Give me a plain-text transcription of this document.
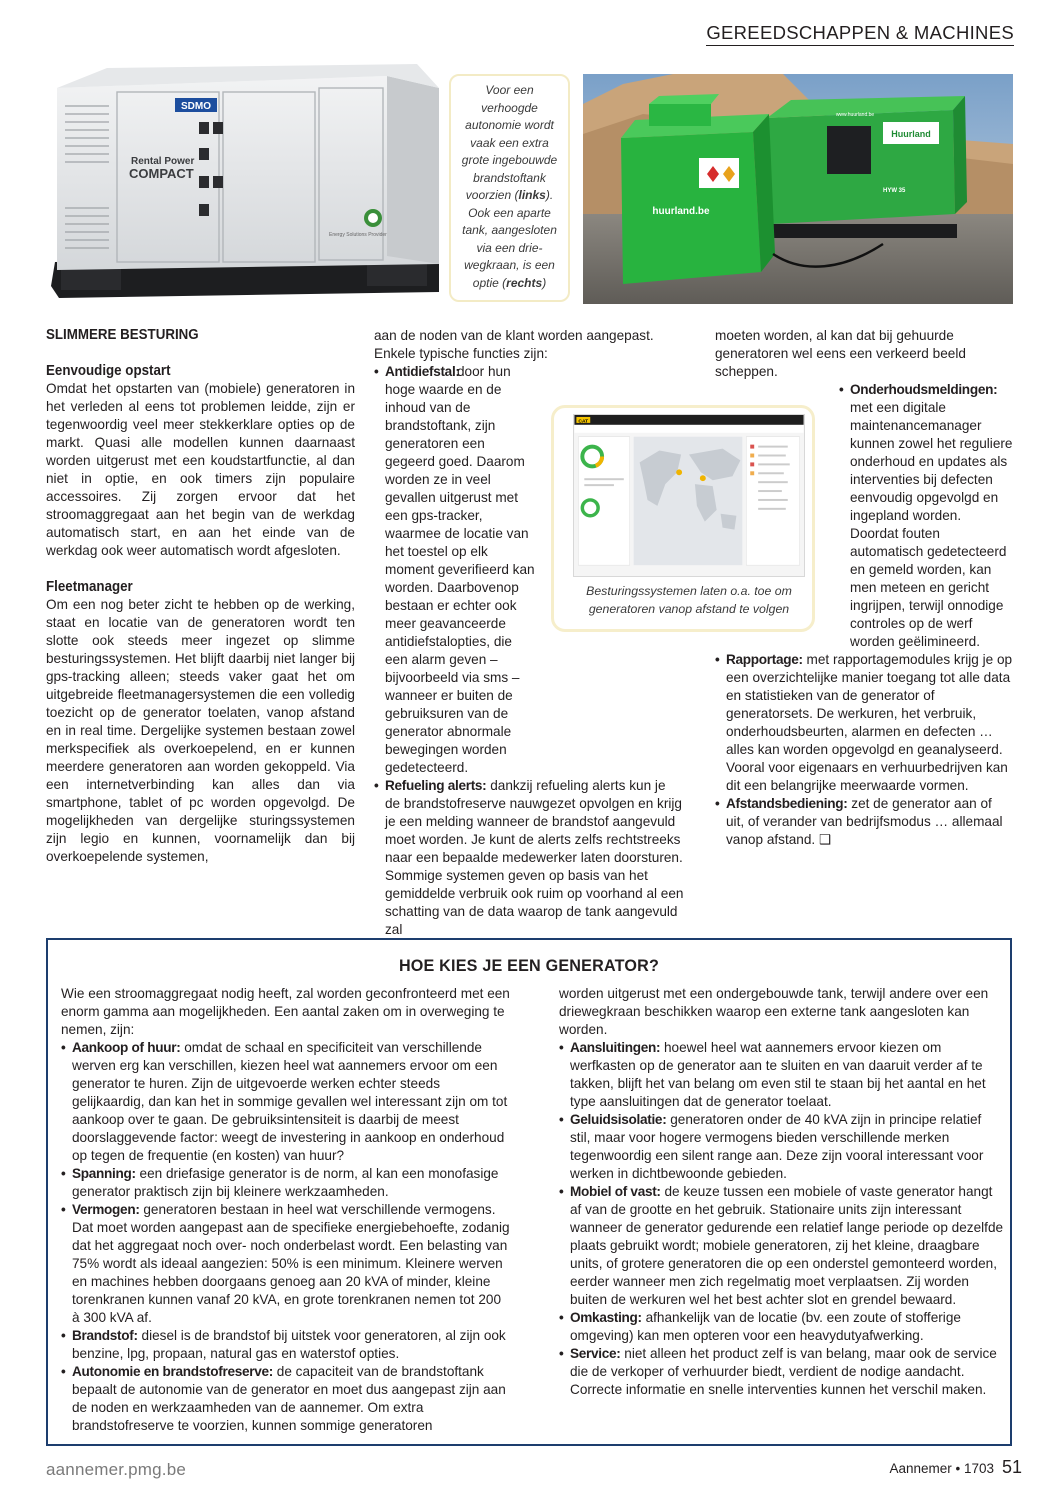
GEREEDSCHAPPEN & MACHINES
SDMO
Rental Power
COMPACT
Energy Solutions Provider
Voor een verhoogde autonomie wordt vaak een extra grote ingebouwde brandstoftank voorzien (links). Ook een aparte tank, aangesloten via een drie-wegkraan, is een optie (rechts)
Huurland
www.huurland.be
HYW 35
huurland.be
SLIMMERE BESTURING
Eenvoudige opstart

Omdat het opstarten van (mobiele) generatoren in het verleden al eens tot problemen leidde, zijn er tegenwoordig veel meer stekkerklare opties op de markt. Quasi alle modellen kunnen daarnaast worden uitgerust met een koudstartfunctie, al dan niet in optie, en ook timers zijn populaire accessoires. Zij zorgen ervoor dat het stroomaggregaat aan het begin van de werkdag automatisch start, en aan het einde van de werkdag ook weer automatisch wordt afgesloten.

Fleetmanager

Om een nog beter zicht te hebben op de werking, staat en locatie van de generatoren wordt ten slotte ook steeds meer ingezet op slimme besturingssystemen. Het blijft daarbij niet langer bij gps-tracking alleen; steeds vaker gaat het om uitgebreide fleetmanagersystemen die een volledig toezicht op de generator toelaten, vanop afstand en in real time. Dergelijke systemen bestaan zowel merkspecifiek als overkoepelend, en er kunnen meerdere generatoren aan worden gekoppeld. Via een internetverbinding kan alles dan via smartphone, tablet of pc worden opgevolgd. De mogelijkheden van dergelijke sturingssystemen zijn legio en kunnen, voornamelijk dan bij overkoepelende systemen,

aan de noden van de klant worden aangepast.

Enkele typische functies zijn:

• Antidiefstal:
door hun hoge waarde en de inhoud van de brandstoftank, zijn generatoren een gegeerd goed. Daarom worden ze in veel gevallen uitgerust met een gps-tracker, waarmee de locatie van het toestel op elk moment geverifieerd kan worden. Daarbovenop bestaan er echter ook meer geavanceerde antidiefstalopties, die een alarm geven – bijvoorbeeld via sms – wanneer er buiten de gebruiksuren van de generator abnormale bewegingen worden gedetecteerd.
• Refueling alerts: dankzij refueling alerts kun je de brandstofreserve nauwgezet opvolgen en krijg je een melding wanneer de brandstof aangevuld moet worden. Je kunt de alerts zelfs rechtstreeks naar een bepaalde medewerker laten doorsturen. Sommige systemen geven op basis van het gemiddelde verbruik ook ruim op voorhand al een schatting van de data waarop de tank aangevuld zal
CAT
Besturingssystemen laten o.a. toe om generatoren vanop afstand te volgen

moeten worden, al kan dat bij gehuurde generatoren wel eens een verkeerd beeld scheppen.

• Onderhoudsmeldingen: met een digitale maintenancemanager kunnen zowel het reguliere onderhoud en updates als interventies bij defecten eenvoudig opgevolgd en ingepland worden. Doordat fouten automatisch gedetecteerd en gemeld worden, kan men meteen en gericht ingrijpen, terwijl onnodige controles op de werf worden geëlimineerd.
• Rapportage: met rapportagemodules krijg je op een overzichtelijke manier toegang tot alle data en statistieken van de generator of generatorsets. De werkuren, het verbruik, onderhoudsbeurten, alarmen en defecten … alles kan worden opgevolgd en geanalyseerd. Vooral voor eigenaars en verhuurbedrijven kan dit een belangrijke meerwaarde vormen.
• Afstandsbediening: zet de generator aan of uit, of verander van bedrijfsmodus … allemaal vanop afstand. ❑
HOE KIES JE EEN GENERATOR?

Wie een stroomaggregaat nodig heeft, zal worden geconfronteerd met een enorm gamma aan mogelijkheden. Een aantal zaken om in overweging te nemen, zijn:

• Aankoop of huur: omdat de schaal en specificiteit van verschillende werven erg kan verschillen, kiezen heel wat aannemers ervoor om een generator te huren. Zijn de uitgevoerde werken echter steeds gelijkaardig, dan kan het in sommige gevallen wel interessant zijn om tot aankoop over te gaan. De gebruiksintensiteit is daarbij de meest doorslaggevende factor: weegt de investering in aankoop en onderhoud op tegen de frequentie (en kosten) van huur?
• Spanning: een driefasige generator is de norm, al kan een monofasige generator praktisch zijn bij kleinere werkzaamheden.
• Vermogen: generatoren bestaan in heel wat verschillende vermogens. Dat moet worden aangepast aan de specifieke energiebehoefte, zodanig dat het aggregaat noch over- noch onderbelast wordt. Een belasting van 75% wordt als ideaal aangezien: 50% is een minimum. Kleinere werven en machines hebben doorgaans genoeg aan 20 kVA of minder, kleine torenkranen kunnen vanaf 20 kVA, en grote torenkranen nemen tot 200 à 300 kVA af.
• Brandstof: diesel is de brandstof bij uitstek voor generatoren, al zijn ook benzine, lpg, propaan, natural gas en waterstof opties.
• Autonomie en brandstofreserve: de capaciteit van de brandstoftank bepaalt de autonomie van de generator en moet dus aangepast zijn aan de noden en werkzaamheden van de aannemer. Om extra brandstofreserve te voorzien, kunnen sommige generatoren

worden uitgerust met een ondergebouwde tank, terwijl andere over een driewegkraan beschikken waarop een externe tank aangesloten kan worden.

• Aansluitingen: hoewel heel wat aannemers ervoor kiezen om werfkasten op de generator aan te sluiten en van daaruit verder af te takken, blijft het van belang om even stil te staan bij het aantal en het type aansluitingen dat de generator toelaat.
• Geluidsisolatie: generatoren onder de 40 kVA zijn in principe relatief stil, maar voor hogere vermogens bieden verschillende merken tegenwoordig een silent range aan. Deze zijn vooral interessant voor werken in dichtbewoonde gebieden.
• Mobiel of vast: de keuze tussen een mobiele of vaste generator hangt af van de grootte en het gebruik. Stationaire units zijn interessant wanneer de generator gedurende een relatief lange periode op dezelfde plaats gebruikt wordt; mobiele generatoren, zij het kleine, draagbare units, of grotere generatoren die op een onderstel gemonteerd worden, eerder wanneer men zich regelmatig moet verplaatsen. Zij worden buiten de werkuren wel het best achter slot en grendel bewaard.
• Omkasting: afhankelijk van de locatie (bv. een zoute of stofferige omgeving) kan men opteren voor een heavydutyafwerking.
• Service: niet alleen het product zelf is van belang, maar ook de service die de verkoper of verhuurder biedt, verdient de nodige aandacht. Correcte informatie en snelle interventies kunnen het verschil maken.
aannemer.pmg.be	Aannemer • 1703 51
